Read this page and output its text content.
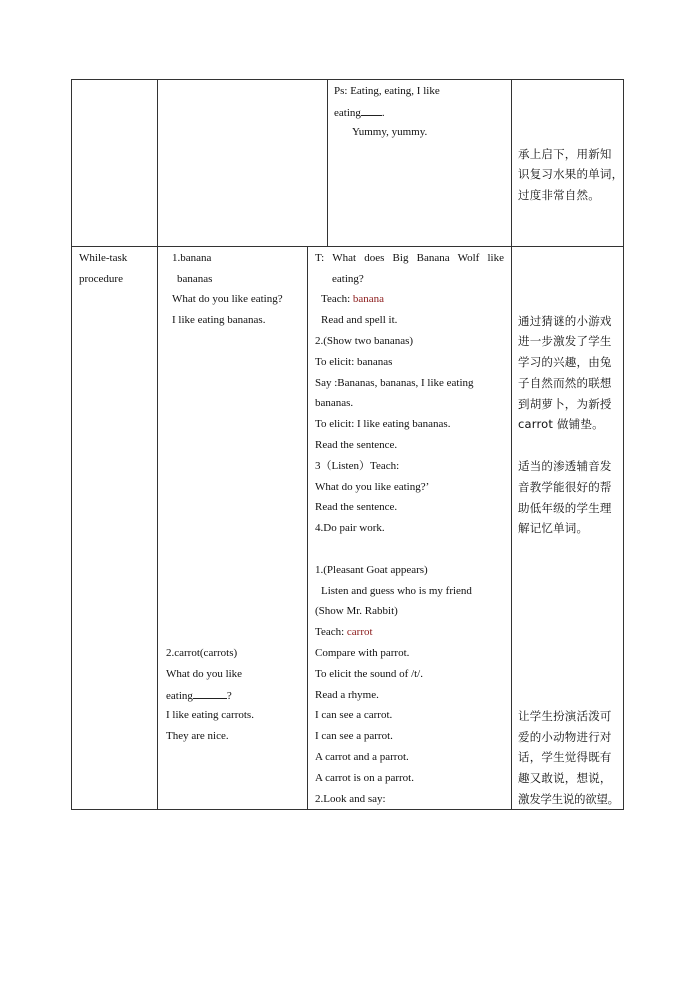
Ps: Eating, eating, I like
eating .
Yummy, yummy.
承上启下，用新知
识复习水果的单词，
过度非常自然。
While-task
procedure
1.banana
bananas
What do you like eating?
I like eating bananas.
2.carrot(carrots)
What do you like
eating	?
I like eating carrots.
They are nice.
T: What does Big Banana Wolf like
eating?
Teach: banana
Read and spell it.
2.(Show two bananas)
To elicit: bananas
Say :Bananas, bananas, I like eating
bananas.
To elicit: I like eating bananas.
Read the sentence.
3（Listen）Teach:
What do you like eating?’
Read the sentence.
4.Do pair work.
1.(Pleasant Goat appears)
Listen and guess who is my friend
(Show Mr. Rabbit)
Teach: carrot
Compare with parrot.
To elicit the sound of /t/.
Read a rhyme.
I can see a carrot.
I can see a parrot.
A carrot and a parrot.
A carrot is on a parrot.
2.Look and say:
通过猜谜的小游戏
进一步激发了学生
学习的兴趣，由兔
子自然而然的联想
到胡萝卜，为新授
carrot 做铺垫。
适当的渗透辅音发
音教学能很好的帮
助低年级的学生理
解记忆单词。
让学生扮演活泼可
爱的小动物进行对
话，学生觉得既有
趣又敢说，想说，
激发学生说的欲望。
